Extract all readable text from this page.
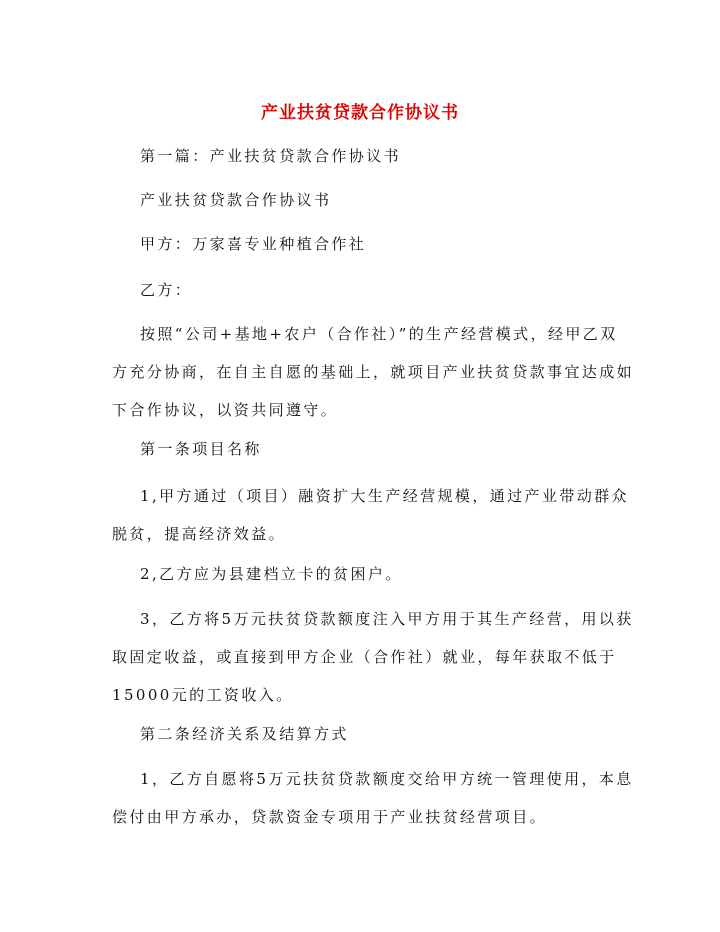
产业扶贫贷款合作协议书
第一篇：产业扶贫贷款合作协议书
产业扶贫贷款合作协议书
甲方：万家喜专业种植合作社
乙方：
按照“公司+基地+农户（合作社）”的生产经营模式，经甲乙双
方充分协商，在自主自愿的基础上，就项目产业扶贫贷款事宜达成如
下合作协议，以资共同遵守。
第一条项目名称
1,甲方通过（项目）融资扩大生产经营规模，通过产业带动群众
脱贫，提高经济效益。
2,乙方应为县建档立卡的贫困户。
3，乙方将5万元扶贫贷款额度注入甲方用于其生产经营，用以获
取固定收益，或直接到甲方企业（合作社）就业，每年获取不低于
15000元的工资收入。
第二条经济关系及结算方式
1，乙方自愿将5万元扶贫贷款额度交给甲方统一管理使用，本息
偿付由甲方承办，贷款资金专项用于产业扶贫经营项目。
